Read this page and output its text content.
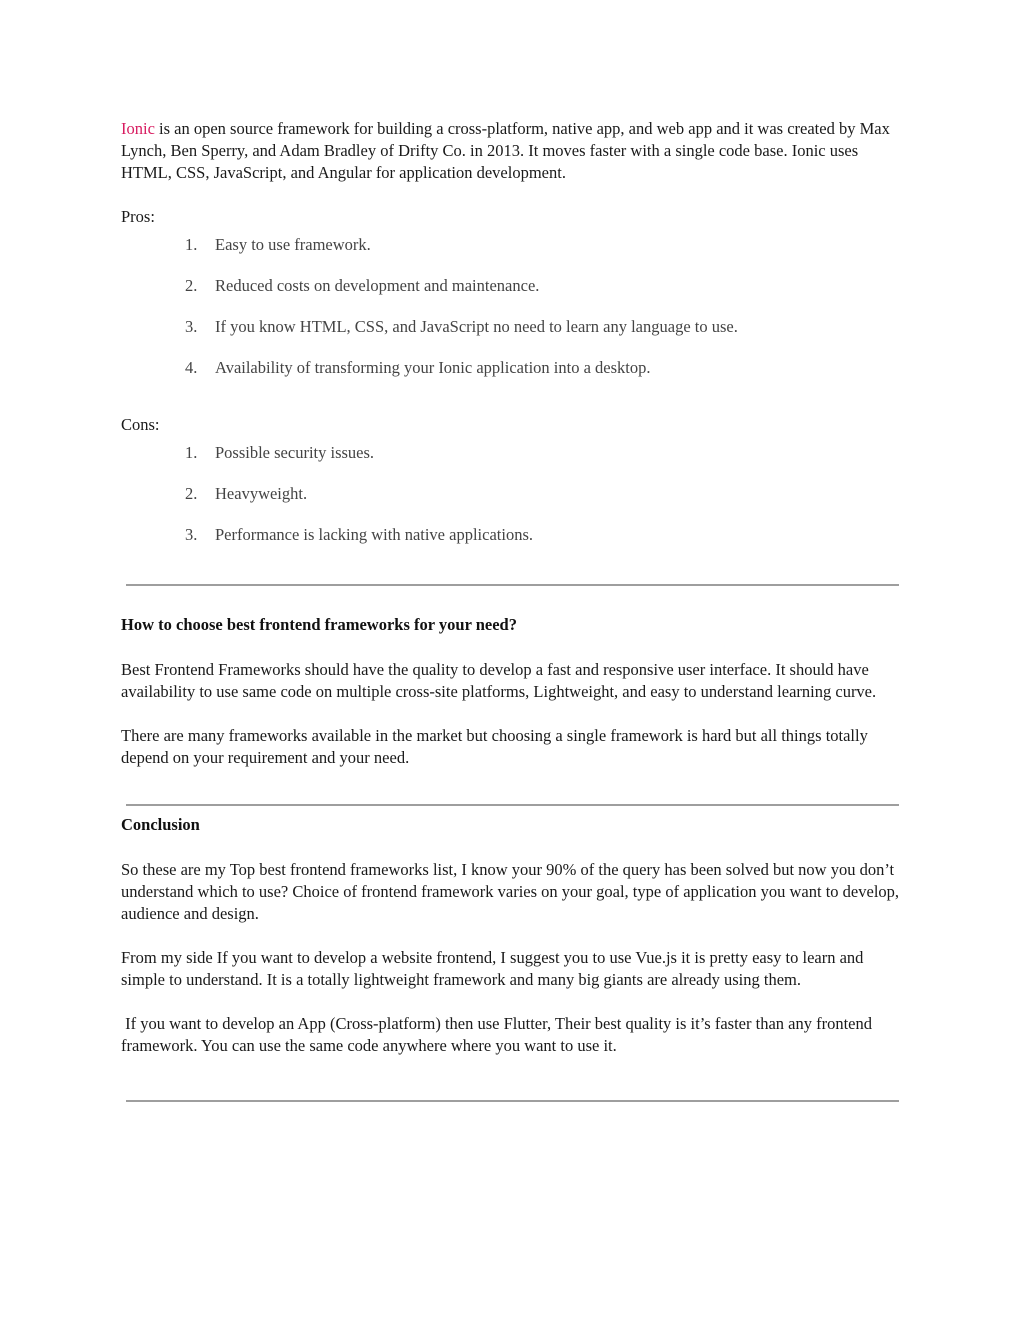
Ionic is an open source framework for building a cross-platform, native app, and web app and it was created by Max Lynch, Ben Sperry, and Adam Bradley of Drifty Co. in 2013. It moves faster with a single code base. Ionic uses HTML, CSS, JavaScript, and Angular for application development.

Pros:

1.	Easy to use framework.
2.	Reduced costs on development and maintenance.
3.	If you know HTML, CSS, and JavaScript no need to learn any language to use.
4.	Availability of transforming your Ionic application into a desktop.

Cons:

1.	Possible security issues.
2.	Heavyweight.
3.	Performance is lacking with native applications.
How to choose best frontend frameworks for your need?

Best Frontend Frameworks should have the quality to develop a fast and responsive user interface. It should have availability to use same code on multiple cross-site platforms, Lightweight, and easy to understand learning curve.

There are many frameworks available in the market but choosing a single framework is hard but all things totally depend on your requirement and your need.

Conclusion

So these are my Top best frontend frameworks list, I know your 90% of the query has been solved but now you don’t understand which to use? Choice of frontend framework varies on your goal, type of application you want to develop, audience and design.

From my side If you want to develop a website frontend, I suggest you to use Vue.js it is pretty easy to learn and simple to understand. It is a totally lightweight framework and many big giants are already using them.

If you want to develop an App (Cross-platform) then use Flutter, Their best quality is it’s faster than any frontend framework. You can use the same code anywhere where you want to use it.
